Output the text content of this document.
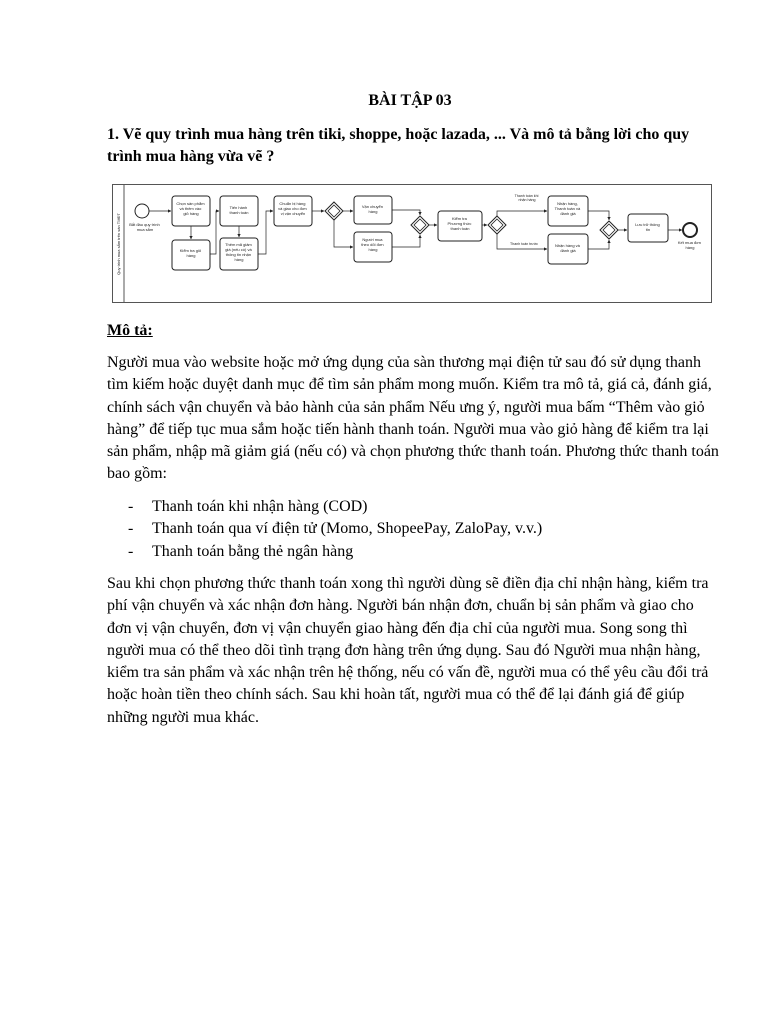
BÀI TẬP 03
1. Vẽ quy trình mua hàng trên tiki, shoppe, hoặc lazada, ... Và mô tả bằng lời cho quy trình mua hàng vừa vẽ ?
Quy trình mua sắm trên sàn TMĐT Bắt đầu quy trình mua sắm
Chọn sản phẩm và thêm vào giỏ hàng
Kiểm tra giỏ hàng
Tiến hành thanh toán
Thêm mã giảm giá (nếu có) và thông tin nhận hàng
Chuẩn bị hàng và giao cho đơn vị vận chuyển
Vận chuyển hàng
Người mua theo dõi đơn hàng
Kiểm tra Phương thức thanh toán
Thanh toán khi nhận hàng
Thanh toán trước
Nhận hàng, Thanh toán và đánh giá
Nhận hàng và đánh giá
Lưu trữ thông tin
Kết mua đơn hàng
Mô tả:

Người mua vào website hoặc mở ứng dụng của sàn thương mại điện tử sau đó sử dụng thanh tìm kiếm hoặc duyệt danh mục để tìm sản phẩm mong muốn. Kiểm tra mô tả, giá cả, đánh giá, chính sách vận chuyển và bảo hành của sản phẩm Nếu ưng ý, người mua bấm “Thêm vào giỏ hàng” để tiếp tục mua sắm hoặc tiến hành thanh toán. Người mua vào giỏ hàng để kiểm tra lại sản phẩm, nhập mã giảm giá (nếu có) và chọn phương thức thanh toán. Phương thức thanh toán bao gồm:

- Thanh toán khi nhận hàng (COD)
- Thanh toán qua ví điện tử (Momo, ShopeePay, ZaloPay, v.v.)
- Thanh toán bằng thẻ ngân hàng

Sau khi chọn phương thức thanh toán xong thì người dùng sẽ điền địa chỉ nhận hàng, kiểm tra phí vận chuyển và xác nhận đơn hàng. Người bán nhận đơn, chuẩn bị sản phẩm và giao cho đơn vị vận chuyển, đơn vị vận chuyển giao hàng đến địa chỉ của người mua. Song song thì người mua có thể theo dõi tình trạng đơn hàng trên ứng dụng. Sau đó Người mua nhận hàng, kiểm tra sản phẩm và xác nhận trên hệ thống, nếu có vấn đề, người mua có thể yêu cầu đổi trả hoặc hoàn tiền theo chính sách. Sau khi hoàn tất, người mua có thể để lại đánh giá để giúp những người mua khác.
